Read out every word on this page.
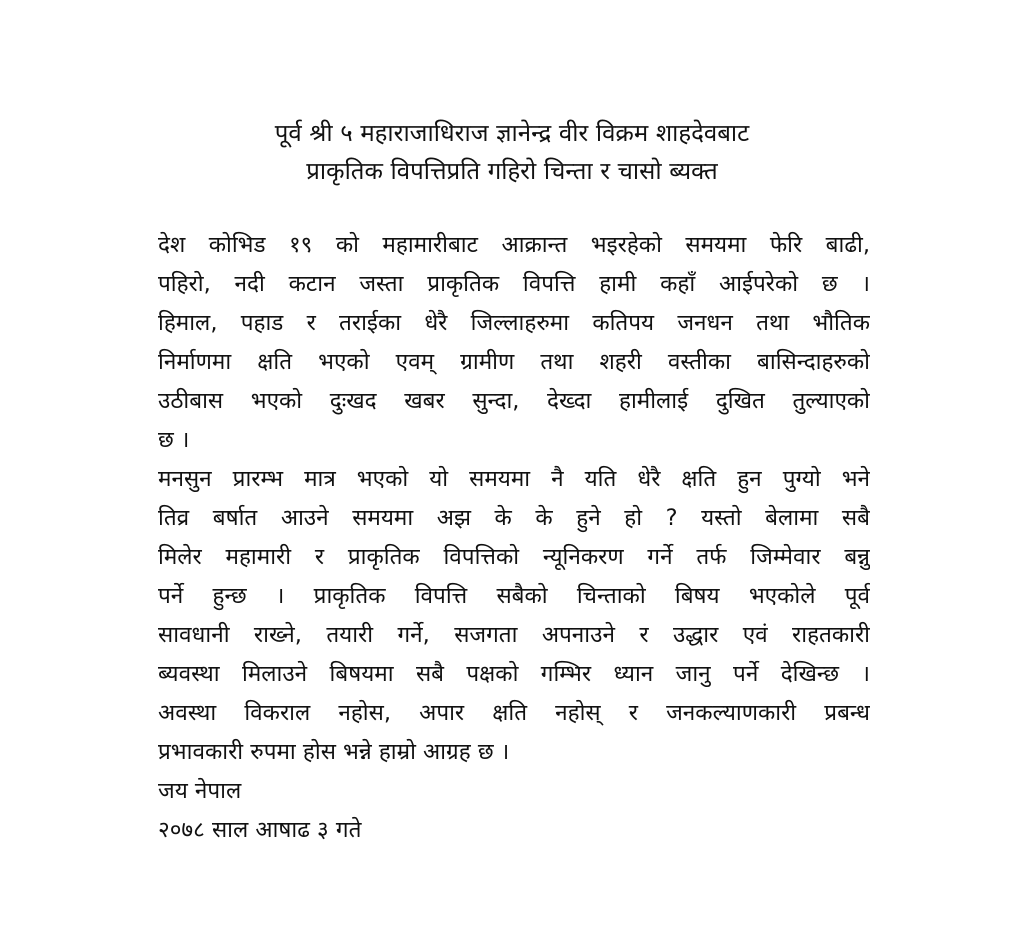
पूर्व श्री ५ महाराजाधिराज ज्ञानेन्द्र वीर विक्रम शाहदेवबाट
प्राकृतिक विपत्तिप्रति गहिरो चिन्ता र चासो ब्यक्त
देश कोभिड १९ को महामारीबाट आक्रान्त भइरहेको समयमा फेरि बाढी,
पहिरो, नदी कटान जस्ता प्राकृतिक विपत्ति हामी कहाँ आईपरेको छ ।
हिमाल, पहाड र तराईका धेरै जिल्लाहरुमा कतिपय जनधन तथा भौतिक
निर्माणमा क्षति भएको एवम् ग्रामीण तथा शहरी वस्तीका बासिन्दाहरुको
उठीबास भएको दुःखद खबर सुन्दा, देख्दा हामीलाई दुखित तुल्याएको
छ ।
मनसुन प्रारम्भ मात्र भएको यो समयमा नै यति धेरै क्षति हुन पुग्यो भने
तिव्र बर्षात आउने समयमा अझ के के हुने हो ? यस्तो बेलामा सबै
मिलेर महामारी र प्राकृतिक विपत्तिको न्यूनिकरण गर्ने तर्फ जिम्मेवार बन्नु
पर्ने हुन्छ । प्राकृतिक विपत्ति सबैको चिन्ताको बिषय भएकोले पूर्व
सावधानी राख्ने, तयारी गर्ने, सजगता अपनाउने र उद्धार एवं राहतकारी
ब्यवस्था मिलाउने बिषयमा सबै पक्षको गम्भिर ध्यान जानु पर्ने देखिन्छ ।
अवस्था विकराल नहोस, अपार क्षति नहोस् र जनकल्याणकारी प्रबन्ध
प्रभावकारी रुपमा होस भन्ने हाम्रो आग्रह छ ।
जय नेपाल
२०७८ साल आषाढ ३ गते
